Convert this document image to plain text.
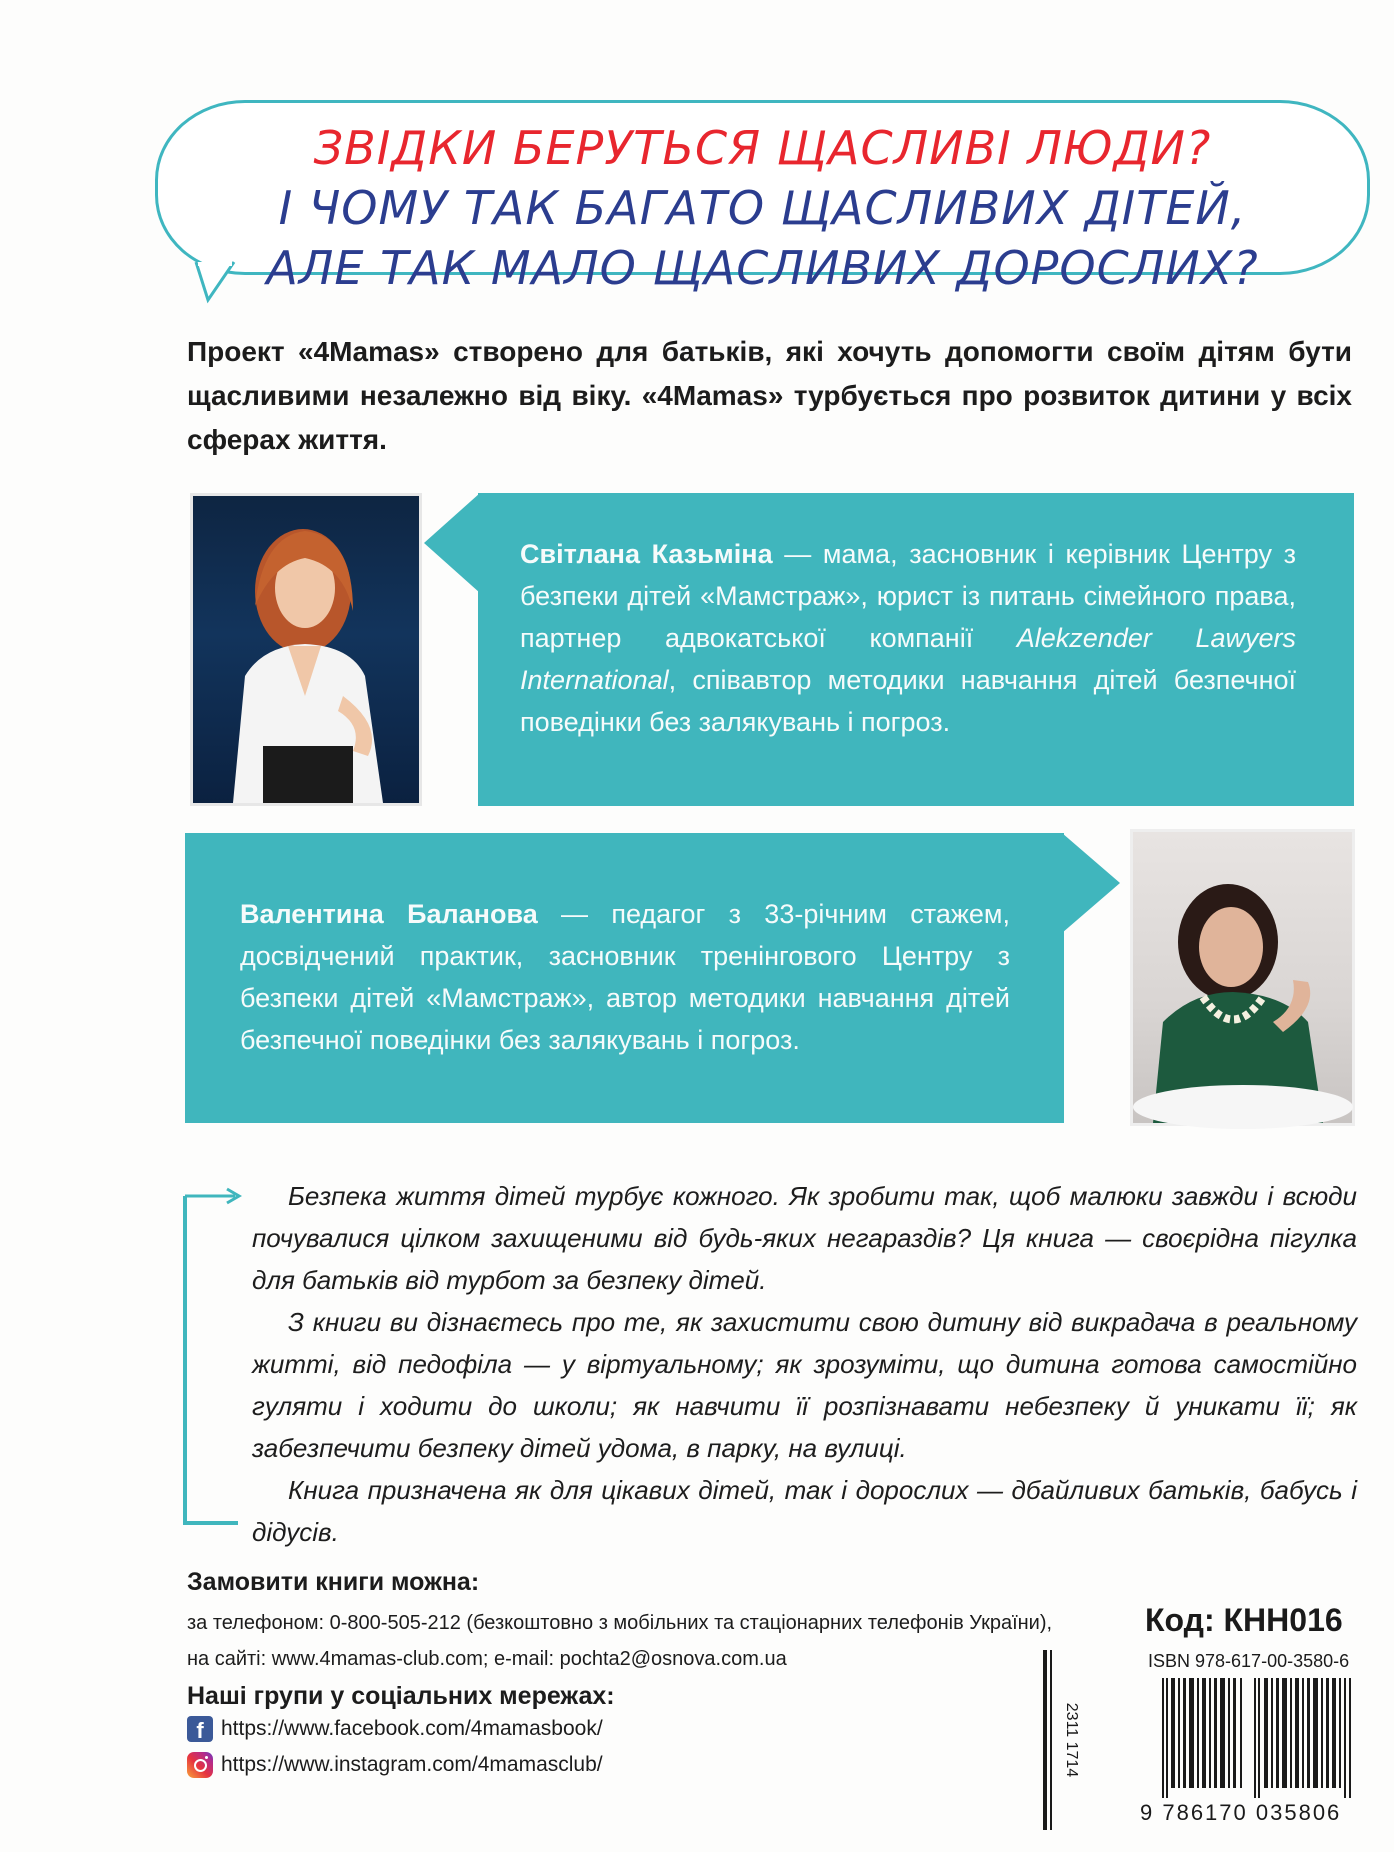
ЗВІДКИ БЕРУТЬСЯ ЩАСЛИВІ ЛЮДИ?
І ЧОМУ ТАК БАГАТО ЩАСЛИВИХ ДІТЕЙ,
АЛЕ ТАК МАЛО ЩАСЛИВИХ ДОРОСЛИХ?
Проект «4Mamas» створено для батьків, які хочуть допомогти своїм дітям бути щасливими незалежно від віку. «4Mamas» турбується про розвиток дитини у всіх сферах життя.
Світлана Казьміна — мама, засновник і керівник Центру з безпеки дітей «Мамстраж», юрист із питань сімейного права, партнер адвокатської компанії Alekzender Lawyers International, співавтор методики навчання дітей безпечної поведінки без залякувань і погроз.
Валентина Баланова — педагог з 33-річним стажем, досвідчений практик, засновник тренінгового Центру з безпеки дітей «Мамстраж», автор методики навчання дітей безпечної поведінки без залякувань і погроз.

Безпека життя дітей турбує кожного. Як зробити так, щоб малюки завжди і всюди почувалися цілком захищеними від будь-яких негараздів? Ця книга — своєрідна пігулка для батьків від турбот за безпеку дітей.

З книги ви дізнаєтесь про те, як захистити свою дитину від викрадача в реальному житті, від педофіла — у віртуальному; як зрозуміти, що дитина готова самостійно гуляти і ходити до школи; як навчити її розпізнавати небезпеку й уникати її; як забезпечити безпеку дітей удома, в парку, на вулиці.

Книга призначена як для цікавих дітей, так і дорослих — дбайливих батьків, бабусь і дідусів.

Замовити книги можна:
за телефоном: 0-800-505-212 (безкоштовно з мобільних та стаціонарних телефонів України),
на сайті: www.4mamas-club.com; e-mail: pochta2@osnova.com.ua
Наші групи у соціальних мережах:
f https://www.facebook.com/4mamasbook/
https://www.instagram.com/4mamasclub/
Код: КНН016
ISBN 978-617-00-3580-6
2311 1714
9 786170 035806
